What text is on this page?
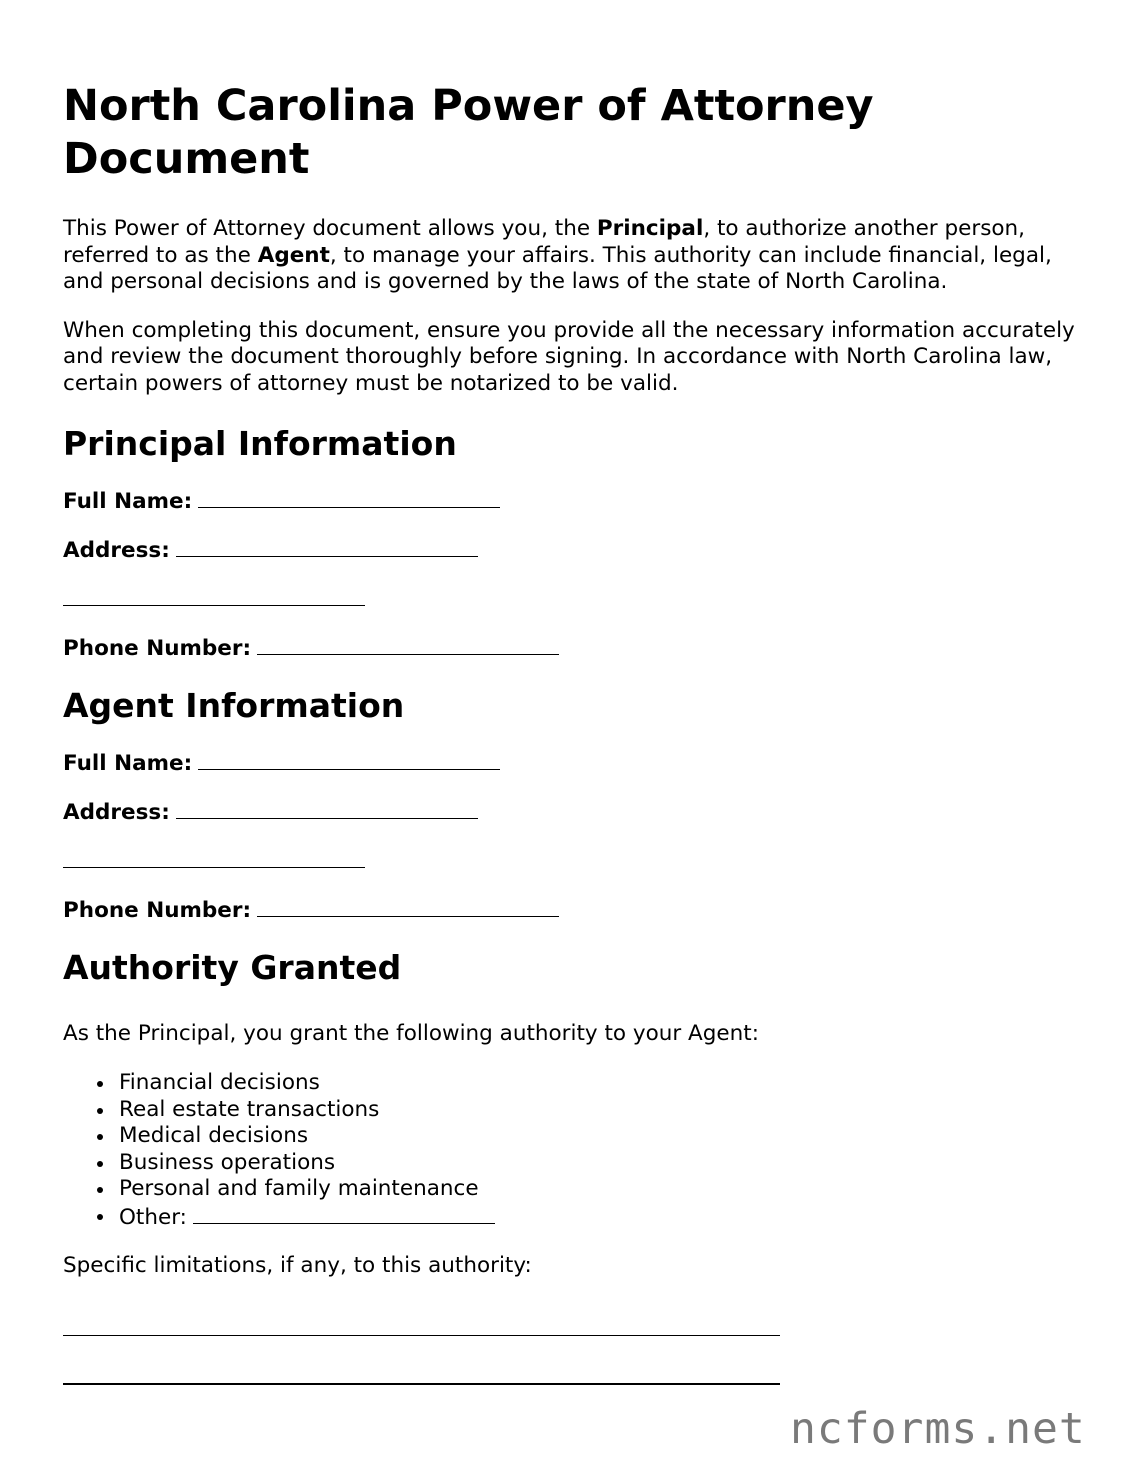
North Carolina Power of Attorney Document

This Power of Attorney document allows you, the Principal, to authorize another person, referred to as the Agent, to manage your affairs. This authority can include financial, legal, and personal decisions and is governed by the laws of the state of North Carolina.

When completing this document, ensure you provide all the necessary information accurately and review the document thoroughly before signing. In accordance with North Carolina law, certain powers of attorney must be notarized to be valid.

Principal Information
Full Name:
Address:
Phone Number:
Agent Information
Full Name:
Address:
Phone Number:
Authority Granted

As the Principal, you grant the following authority to your Agent:

Financial decisions
Real estate transactions
Medical decisions
Business operations
Personal and family maintenance
Other:

Specific limitations, if any, to this authority:

ncforms.net
